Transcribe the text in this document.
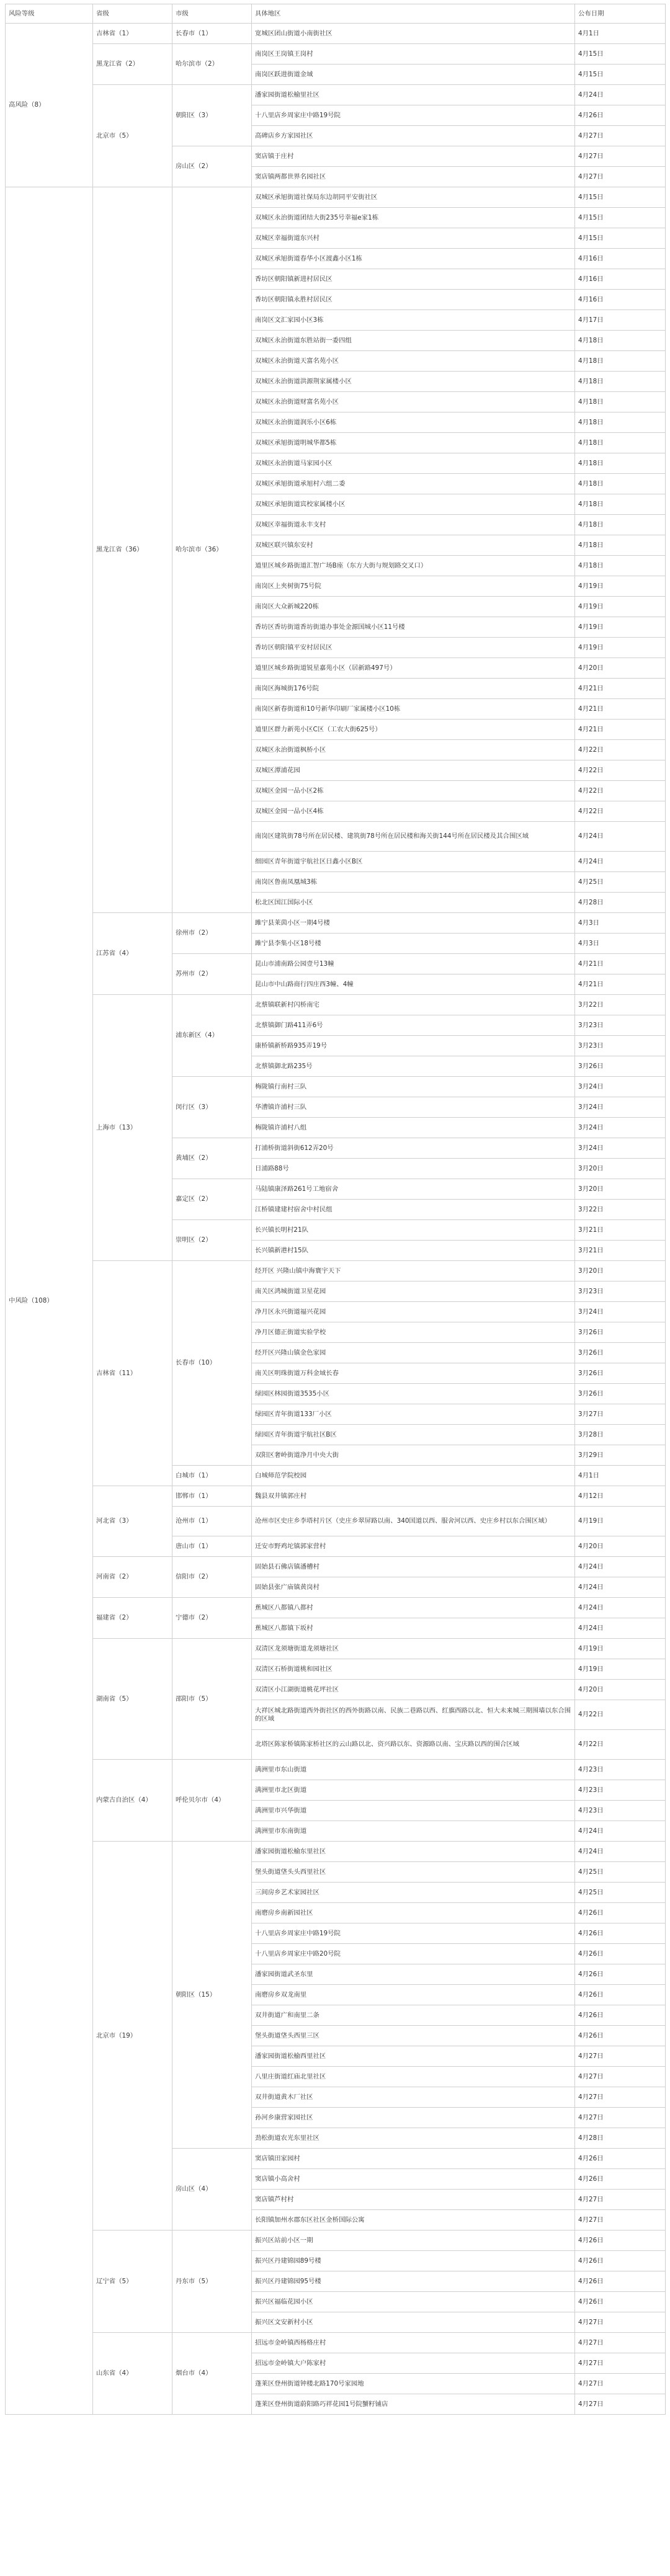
风险等级	省级	市级	具体地区	公布日期
高风险（8）	吉林省（1）	长春市（1）	宽城区团山街道小南街社区	4月1日
	黑龙江省（2）	哈尔滨市（2）	南岗区王岗镇王岗村	4月15日
			南岗区跃进街道金域	4月15日
	北京市（5）	朝阳区（3）	潘家园街道松榆里社区	4月24日
			十八里店乡周家庄中路19号院	4月26日
			高碑店乡方家园社区	4月27日
		房山区（2）	窦店镇于庄村	4月27日
			窦店镇两都世界名园社区	4月27日
中风险（108）	黑龙江省（36）	哈尔滨市（36）	双城区承旭街道社保局东边胡同平安街社区	4月15日
			双城区永治街道团结大街235号幸福e家1栋	4月15日
			双城区幸福街道东兴村	4月15日
			双城区承旭街道春华小区渡鑫小区1栋	4月16日
			香坊区朝阳镇新进村居民区	4月16日
			香坊区朝阳镇永胜村居民区	4月16日
			南岗区文汇家园小区3栋	4月17日
			双城区永治街道东胜站街一委四组	4月18日
			双城区永治街道天富名苑小区	4月18日
			双城区永治街道洪源荆家属楼小区	4月18日
			双城区永治街道财富名苑小区	4月18日
			双城区永治街道润乐小区6栋	4月18日
			双城区承旭街道明城华都5栋	4月18日
			双城区永治街道马家园小区	4月18日
			双城区承旭街道承旭村六组二委	4月18日
			双城区承旭街道宾校家属楼小区	4月18日
			双城区幸福街道永丰支村	4月18日
			双城区联兴镇东安村	4月18日
			道里区城乡路街道汇智广场B座（东方大街与规划路交叉口）	4月18日
			南岗区上夹树街75号院	4月19日
			南岗区大众新城220栋	4月19日
			香坊区香坊街道香坊街道办事处金源国城小区11号楼	4月19日
			香坊区朝阳镇平安村居民区	4月19日
			道里区城乡路街道锐星嘉苑小区（居新路497号）	4月20日
			南岗区海城街176号院	4月21日
			南岗区新春街道和10号新华印刷厂家属楼小区10栋	4月21日
			道里区群力新苑小区C区（工农大街625号）	4月21日
			双城区永治街道枫桥小区	4月22日
			双城区潭浦花园	4月22日
			双城区金园一品小区2栋	4月22日
			双城区金园一品小区4栋	4月22日
			南岗区建筑街78号所在居民楼、建筑街78号所在居民楼和海关街144号所在居民楼及其合围区域	4月24日
			细园区青年街道宇航社区日鑫小区B区	4月24日
			南岗区鲁南凤凰城3栋	4月25日
			松北区国江国际小区	4月28日
	江苏省（4）	徐州市（2）	雎宁县莱茵小区一期4号楼	4月3日
			雎宁县李集小区18号楼	4月3日
		苏州市（2）	昆山市浦南路公园壹号13幢	4月21日
			昆山市中山路商行四庄西3幢、4幢	4月21日
	上海市（13）	浦东新区（4）	北蔡镇联新村闪桥南宅	3月22日
			北蔡镇御门路411弄6号	3月23日
			康桥镇新桥路935弄19号	3月23日
			北蔡镇御北路235号	3月26日
		闵行区（3）	梅陇镇行南村三队	3月24日
			华漕镇许浦村三队	3月24日
			梅陇镇许浦村八组	3月24日
		黄埔区（2）	打浦桥街道斜街612弄20号	3月24日
			日浦路88号	3月20日
		嘉定区（2）	马陆镇康泽路261号工地宿舍	3月20日
			江桥镇建建村宿舍中村民组	3月22日
		崇明区（2）	长兴镇长明村21队	3月21日
			长兴镇新港村15队	3月21日
	吉林省（11）	长春市（10）	经开区 兴隆山镇中海寰宇天下	3月20日
			南关区鸿城街道卫星花园	3月23日
			净月区永兴街道福兴花园	3月24日
			净月区德正街道实验学校	3月26日
			经开区兴隆山镇金色家园	3月26日
			南关区明珠街道万科金域长春	3月26日
			绿园区林园街道3535小区	3月26日
			绿园区青年街道133厂小区	3月27日
			绿园区青年街道宇航社区B区	3月28日
			双阳区奢岭街道净月中央大街	3月29日
		白城市（1）	白城师范学院校园	4月1日
	河北省（3）	邯郸市（1）	魏县双井镇郭庄村	4月12日
		沧州市（1）	沧州市区史庄乡李塔村片区（史庄乡翠屏路以南、340国道以西、服舍河以西、史庄乡村以东合围区域）	4月19日
		唐山市（1）	迁安市野鸡坨镇郭家营村	4月20日
	河南省（2）	信阳市（2）	固始县石佛店镇潘槽村	4月24日
			固始县张广庙镇黄岗村	4月24日
	福建省（2）	宁德市（2）	蕉城区八都镇八都村	4月24日
			蕉城区八都镇下坂村	4月24日
	湖南省（5）	邵阳市（5）	双清区龙须塘街道龙须塘社区	4月19日
			双清区石桥街道桃和园社区	4月19日
			双清区小江湖街道桃花坪社区	4月20日
			大祥区城北路街道西外街社区的西外街路以南、民族二巷路以西、红旗西路以北、恒大未来城三期围墙以东合围的区域	4月22日
			北塔区陈家桥镇陈家桥社区的云山路以北、资兴路以东、资源路以南、宝庆路以西的围合区域	4月22日
	内蒙古自治区（4）	呼伦贝尔市（4）	满洲里市东山街道	4月23日
			满洲里市北区街道	4月23日
			满洲里市兴华街道	4月23日
			满洲里市东南街道	4月24日
	北京市（19）	朝阳区（15）	潘家园街道松榆东里社区	4月24日
			堡头街道垡头头西里社区	4月25日
			三间房乡艺术家园社区	4月25日
			南磨房乡南新园社区	4月26日
			十八里店乡周家庄中路19号院	4月26日
			十八里店乡周家庄中路20号院	4月26日
			潘家园街道武圣东里	4月26日
			南磨房乡双龙南里	4月26日
			双井街道广和南里二条	4月26日
			堡头街道垡头西里三区	4月26日
			潘家园街道松榆西里社区	4月27日
			八里庄街道红庙北里社区	4月27日
			双井街道黄木厂社区	4月27日
			孙河乡康营家园社区	4月27日
			劲松街道农光东里社区	4月28日
		房山区（4）	窦店镇田家园村	4月26日
			窦店镇小高舍村	4月26日
			窦店镇芦村村	4月27日
			长阳镇加州水郡东区社区金桥国际公寓	4月27日
	辽宁省（5）	丹东市（5）	振兴区站前小区一期	4月26日
			振兴区丹建锦园89号楼	4月26日
			振兴区丹建锦园95号楼	4月26日
			振兴区福临花园小区	4月26日
			振兴区文安新村小区	4月27日
	山东省（4）	烟台市（4）	招远市金岭镇西杨格庄村	4月27日
			招远市金岭镇大户陈家村	4月27日
			蓬莱区登州街道钟楼北路170号家园地	4月27日
			蓬莱区登州街道蔚阳路巧祥花园1号院蟹籽铺店	4月27日
